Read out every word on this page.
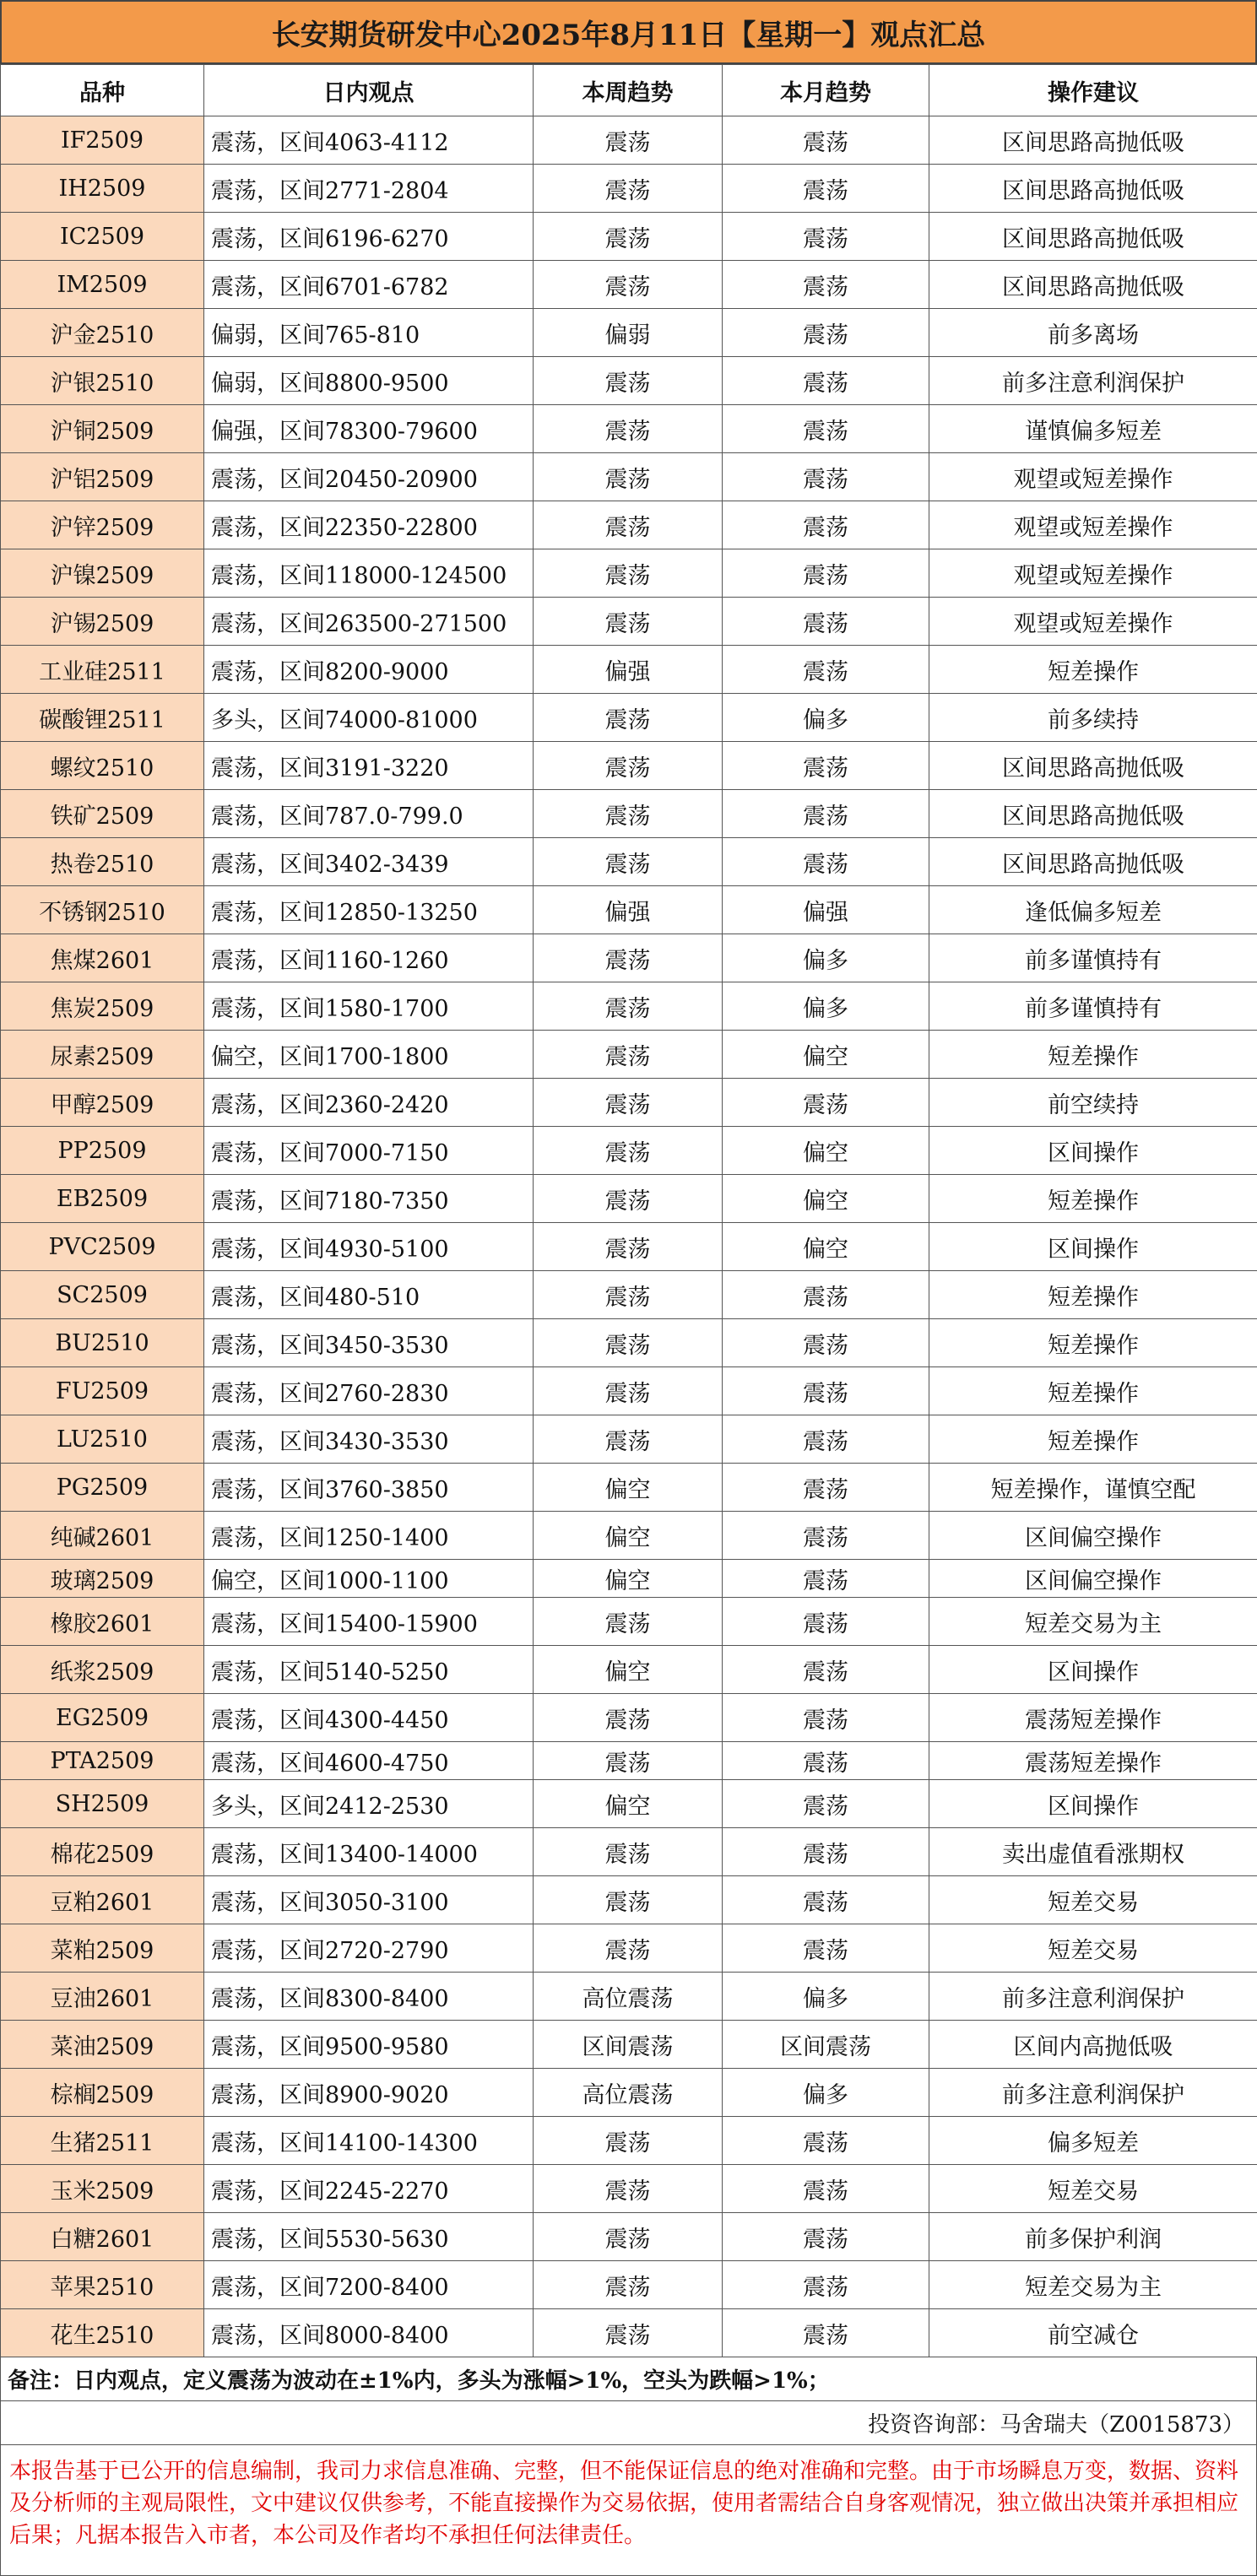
长安期货研发中心2025年8月11日【星期一】观点汇总
品种	日内观点	本周趋势	本月趋势	操作建议
IF2509	震荡，区间4063-4112	震荡	震荡	区间思路高抛低吸
IH2509	震荡，区间2771-2804	震荡	震荡	区间思路高抛低吸
IC2509	震荡，区间6196-6270	震荡	震荡	区间思路高抛低吸
IM2509	震荡，区间6701-6782	震荡	震荡	区间思路高抛低吸
沪金2510	偏弱，区间765-810	偏弱	震荡	前多离场
沪银2510	偏弱，区间8800-9500	震荡	震荡	前多注意利润保护
沪铜2509	偏强，区间78300-79600	震荡	震荡	谨慎偏多短差
沪铝2509	震荡，区间20450-20900	震荡	震荡	观望或短差操作
沪锌2509	震荡，区间22350-22800	震荡	震荡	观望或短差操作
沪镍2509	震荡，区间118000-124500	震荡	震荡	观望或短差操作
沪锡2509	震荡，区间263500-271500	震荡	震荡	观望或短差操作
工业硅2511	震荡，区间8200-9000	偏强	震荡	短差操作
碳酸锂2511	多头，区间74000-81000	震荡	偏多	前多续持
螺纹2510	震荡，区间3191-3220	震荡	震荡	区间思路高抛低吸
铁矿2509	震荡，区间787.0-799.0	震荡	震荡	区间思路高抛低吸
热卷2510	震荡，区间3402-3439	震荡	震荡	区间思路高抛低吸
不锈钢2510	震荡，区间12850-13250	偏强	偏强	逢低偏多短差
焦煤2601	震荡，区间1160-1260	震荡	偏多	前多谨慎持有
焦炭2509	震荡，区间1580-1700	震荡	偏多	前多谨慎持有
尿素2509	偏空，区间1700-1800	震荡	偏空	短差操作
甲醇2509	震荡，区间2360-2420	震荡	震荡	前空续持
PP2509	震荡，区间7000-7150	震荡	偏空	区间操作
EB2509	震荡，区间7180-7350	震荡	偏空	短差操作
PVC2509	震荡，区间4930-5100	震荡	偏空	区间操作
SC2509	震荡，区间480-510	震荡	震荡	短差操作
BU2510	震荡，区间3450-3530	震荡	震荡	短差操作
FU2509	震荡，区间2760-2830	震荡	震荡	短差操作
LU2510	震荡，区间3430-3530	震荡	震荡	短差操作
PG2509	震荡，区间3760-3850	偏空	震荡	短差操作，谨慎空配
纯碱2601	震荡，区间1250-1400	偏空	震荡	区间偏空操作
玻璃2509	偏空，区间1000-1100	偏空	震荡	区间偏空操作
橡胶2601	震荡，区间15400-15900	震荡	震荡	短差交易为主
纸浆2509	震荡，区间5140-5250	偏空	震荡	区间操作
EG2509	震荡，区间4300-4450	震荡	震荡	震荡短差操作
PTA2509	震荡，区间4600-4750	震荡	震荡	震荡短差操作
SH2509	多头，区间2412-2530	偏空	震荡	区间操作
棉花2509	震荡，区间13400-14000	震荡	震荡	卖出虚值看涨期权
豆粕2601	震荡，区间3050-3100	震荡	震荡	短差交易
菜粕2509	震荡，区间2720-2790	震荡	震荡	短差交易
豆油2601	震荡，区间8300-8400	高位震荡	偏多	前多注意利润保护
菜油2509	震荡，区间9500-9580	区间震荡	区间震荡	区间内高抛低吸
棕榈2509	震荡，区间8900-9020	高位震荡	偏多	前多注意利润保护
生猪2511	震荡，区间14100-14300	震荡	震荡	偏多短差
玉米2509	震荡，区间2245-2270	震荡	震荡	短差交易
白糖2601	震荡，区间5530-5630	震荡	震荡	前多保护利润
苹果2510	震荡，区间7200-8400	震荡	震荡	短差交易为主
花生2510	震荡，区间8000-8400	震荡	震荡	前空减仓
备注：日内观点，定义震荡为波动在±1%内，多头为涨幅>1%，空头为跌幅>1%；
投资咨询部：马舍瑞夫（Z0015873）
本报告基于已公开的信息编制，我司力求信息准确、完整，但不能保证信息的绝对准确和完整。由于市场瞬息万变，数据、资料及分析师的主观局限性，文中建议仅供参考，不能直接操作为交易依据，使用者需结合自身客观情况，独立做出决策并承担相应后果；凡据本报告入市者，本公司及作者均不承担任何法律责任。
